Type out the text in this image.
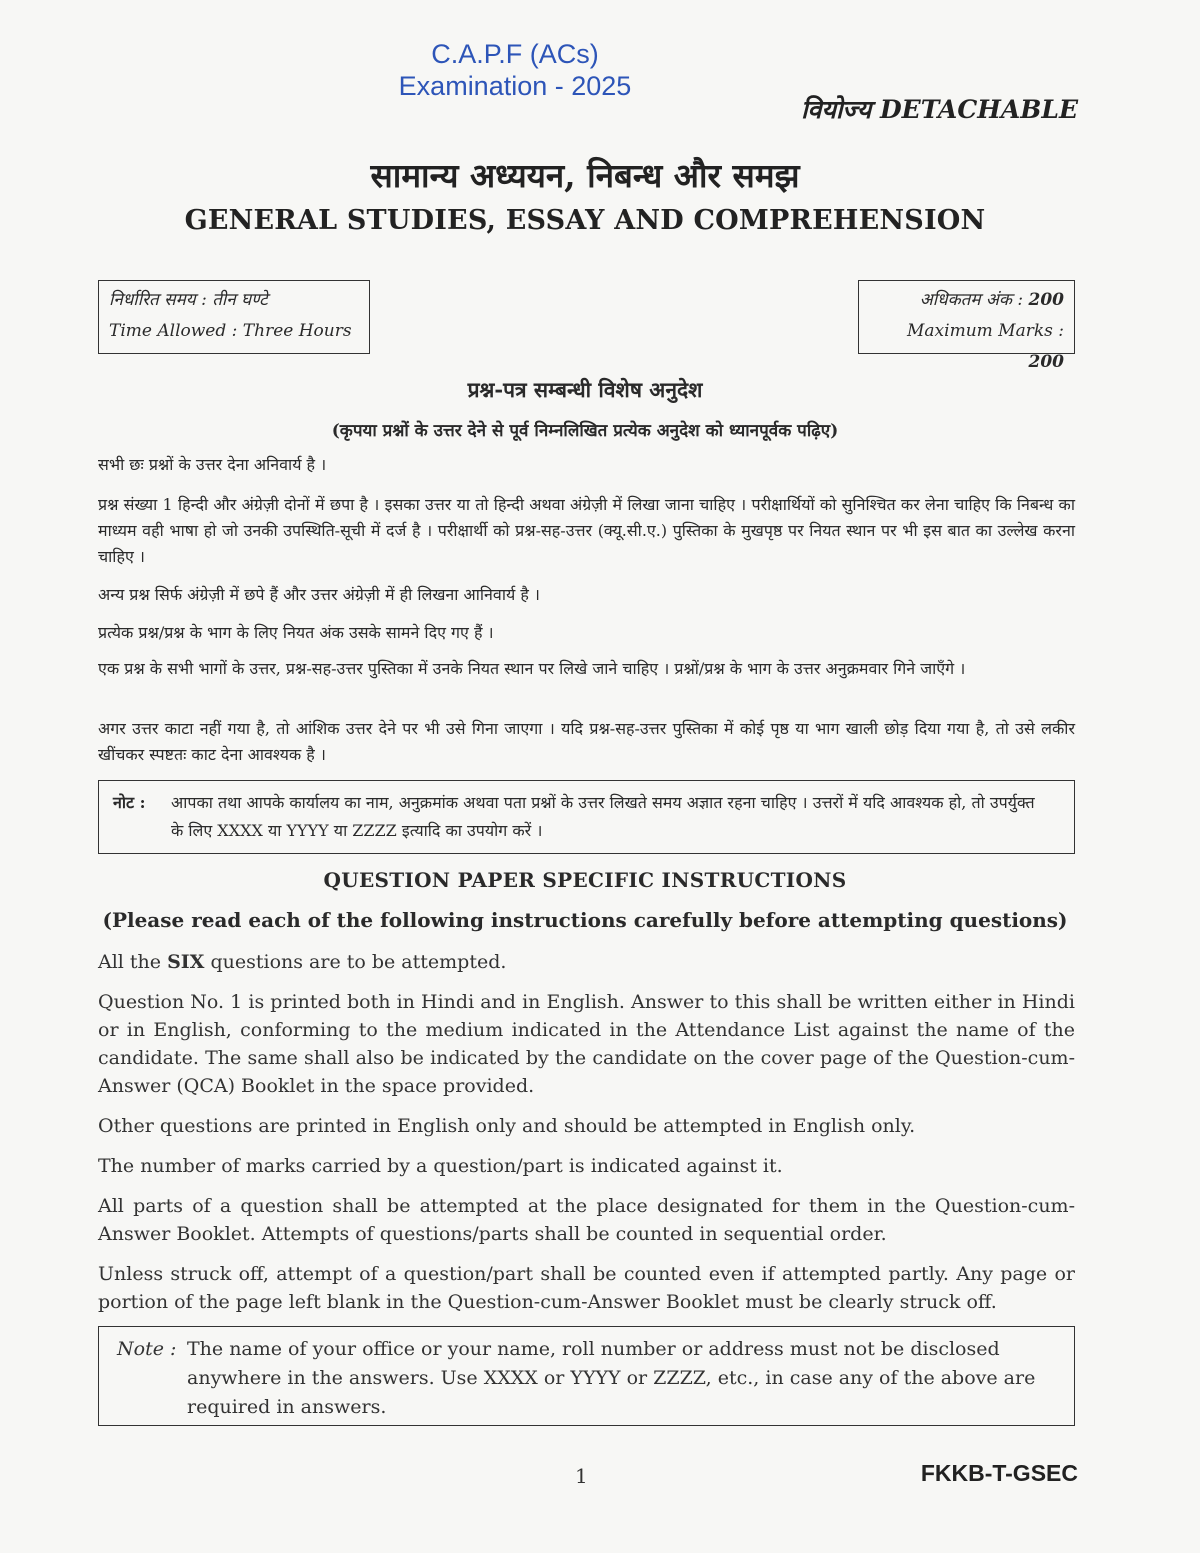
C.A.P.F (ACs)
Examination - 2025
वियोज्य DETACHABLE
सामान्य अध्ययन, निबन्ध और समझ
GENERAL STUDIES, ESSAY AND COMPREHENSION
निर्धारित समय : तीन घण्टे
Time Allowed : Three Hours
अधिकतम अंक : 200
Maximum Marks : 200
प्रश्न-पत्र सम्बन्धी विशेष अनुदेश
(कृपया प्रश्नों के उत्तर देने से पूर्व निम्नलिखित प्रत्येक अनुदेश को ध्यानपूर्वक पढ़िए)

सभी छः प्रश्नों के उत्तर देना अनिवार्य है ।

प्रश्न संख्या 1 हिन्दी और अंग्रेज़ी दोनों में छपा है । इसका उत्तर या तो हिन्दी अथवा अंग्रेज़ी में लिखा जाना चाहिए । परीक्षार्थियों को सुनिश्चित कर लेना चाहिए कि निबन्ध का माध्यम वही भाषा हो जो उनकी उपस्थिति-सूची में दर्ज है । परीक्षार्थी को प्रश्न-सह-उत्तर (क्यू.सी.ए.) पुस्तिका के मुखपृष्ठ पर नियत स्थान पर भी इस बात का उल्लेख करना चाहिए ।

अन्य प्रश्न सिर्फ अंग्रेज़ी में छपे हैं और उत्तर अंग्रेज़ी में ही लिखना आनिवार्य है ।

प्रत्येक प्रश्न/प्रश्न के भाग के लिए नियत अंक उसके सामने दिए गए हैं ।

एक प्रश्न के सभी भागों के उत्तर, प्रश्न-सह-उत्तर पुस्तिका में उनके नियत स्थान पर लिखे जाने चाहिए । प्रश्नों/प्रश्न के भाग के उत्तर अनुक्रमवार गिने जाएँगे ।

अगर उत्तर काटा नहीं गया है, तो आंशिक उत्तर देने पर भी उसे गिना जाएगा । यदि प्रश्न-सह-उत्तर पुस्तिका में कोई पृष्ठ या भाग खाली छोड़ दिया गया है, तो उसे लकीर खींचकर स्पष्टतः काट देना आवश्यक है ।

नोट : आपका तथा आपके कार्यालय का नाम, अनुक्रमांक अथवा पता प्रश्नों के उत्तर लिखते समय अज्ञात रहना चाहिए । उत्तरों में यदि आवश्यक हो, तो उपर्युक्त के लिए XXXX या YYYY या ZZZZ इत्यादि का उपयोग करें ।
QUESTION PAPER SPECIFIC INSTRUCTIONS
(Please read each of the following instructions carefully before attempting questions)

All the SIX questions are to be attempted.

Question No. 1 is printed both in Hindi and in English. Answer to this shall be written either in Hindi or in English, conforming to the medium indicated in the Attendance List against the name of the candidate. The same shall also be indicated by the candidate on the cover page of the Question-cum-Answer (QCA) Booklet in the space provided.

Other questions are printed in English only and should be attempted in English only.

The number of marks carried by a question/part is indicated against it.

All parts of a question shall be attempted at the place designated for them in the Question-cum-Answer Booklet. Attempts of questions/parts shall be counted in sequential order.

Unless struck off, attempt of a question/part shall be counted even if attempted partly. Any page or portion of the page left blank in the Question-cum-Answer Booklet must be clearly struck off.

Note : The name of your office or your name, roll number or address must not be disclosed anywhere in the answers. Use XXXX or YYYY or ZZZZ, etc., in case any of the above are required in answers.
1	FKKB-T-GSEC
